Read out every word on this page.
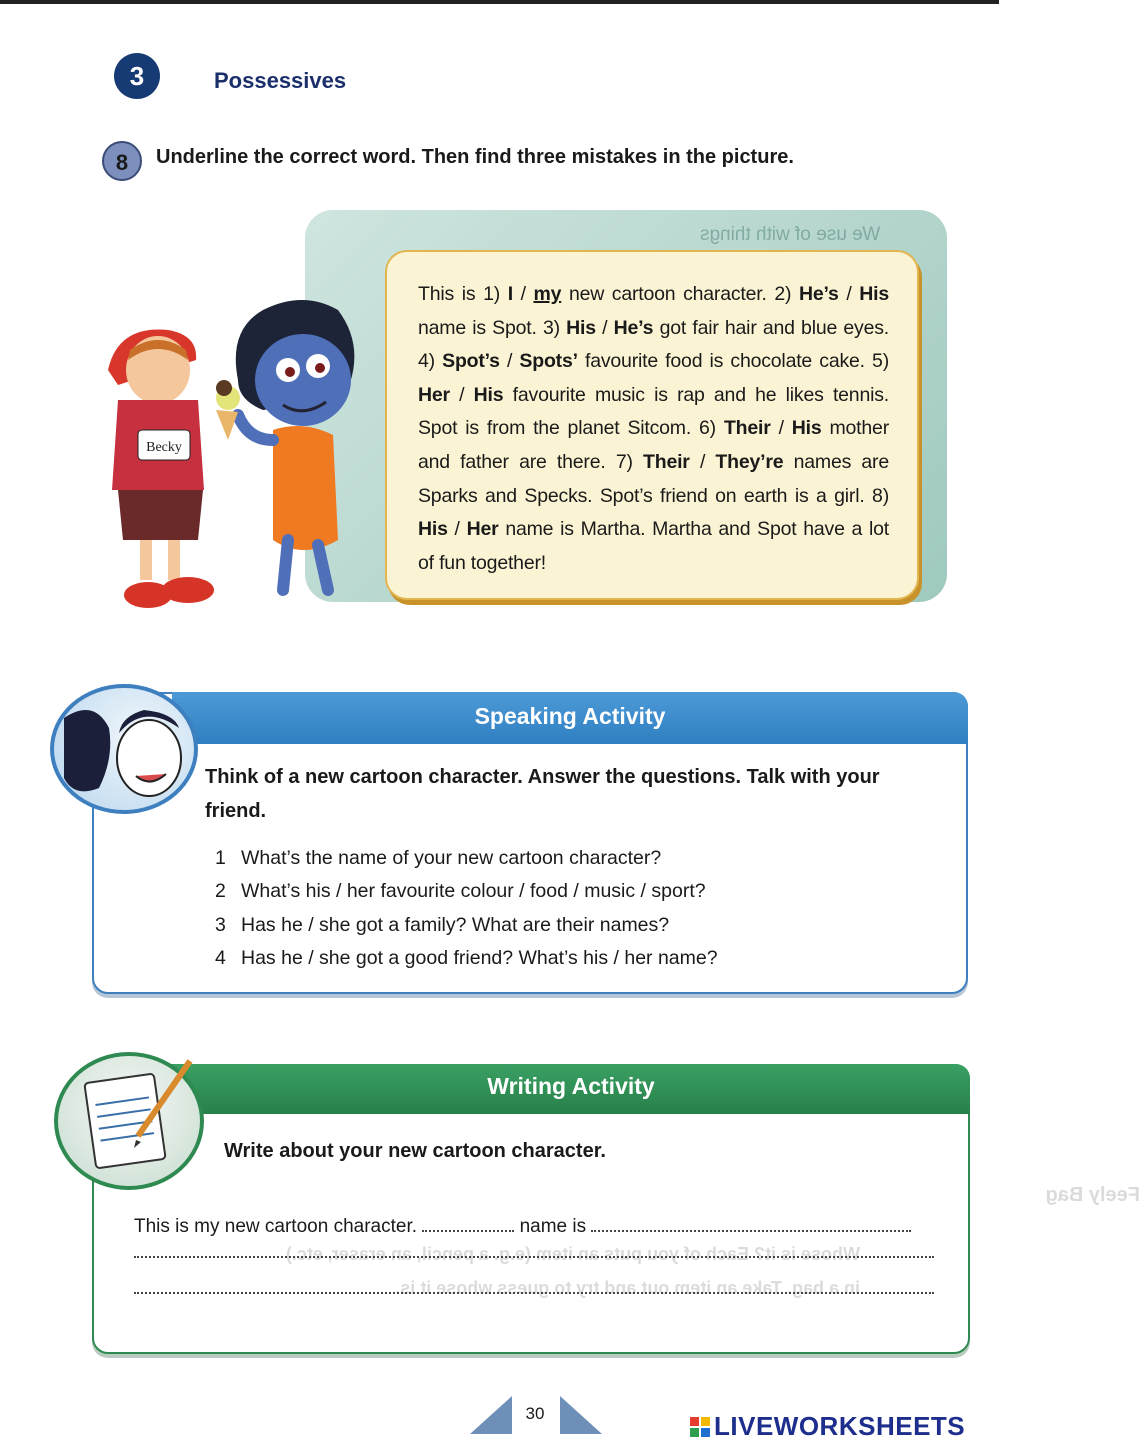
3	Possessives
8	Underline the correct word. Then find three mistakes in the picture.
We use of with things

This is 1) I / my new cartoon character. 2) He’s / His name is Spot. 3) His / He’s got fair hair and blue eyes. 4) Spot’s / Spots’ favourite food is chocolate cake. 5) Her / His favourite music is rap and he likes tennis. Spot is from the planet Sitcom. 6) Their / His mother and father are there. 7) Their / They’re names are Sparks and Specks. Spot’s friend on earth is a girl. 8) His / Her name is Martha. Martha and Spot have a lot of fun together!

Becky
Speaking Activity
Think of a new cartoon character. Answer the questions. Talk with your friend.
1 What’s the name of your new cartoon character?
2 What’s his / her favourite colour / food / music / sport?
3 Has he / she got a family? What are their names?
4 Has he / she got a good friend? What’s his / her name?
Writing Activity
Write about your new cartoon character.
Feely Bag
Whose is it? Each of you puts an item (e.g. a pencil, an eraser, etc.)
in a bag. Take an item out and try to guess whose it is.
This is my new cartoon character.	name is
30	LIVEWORKSHEETS
